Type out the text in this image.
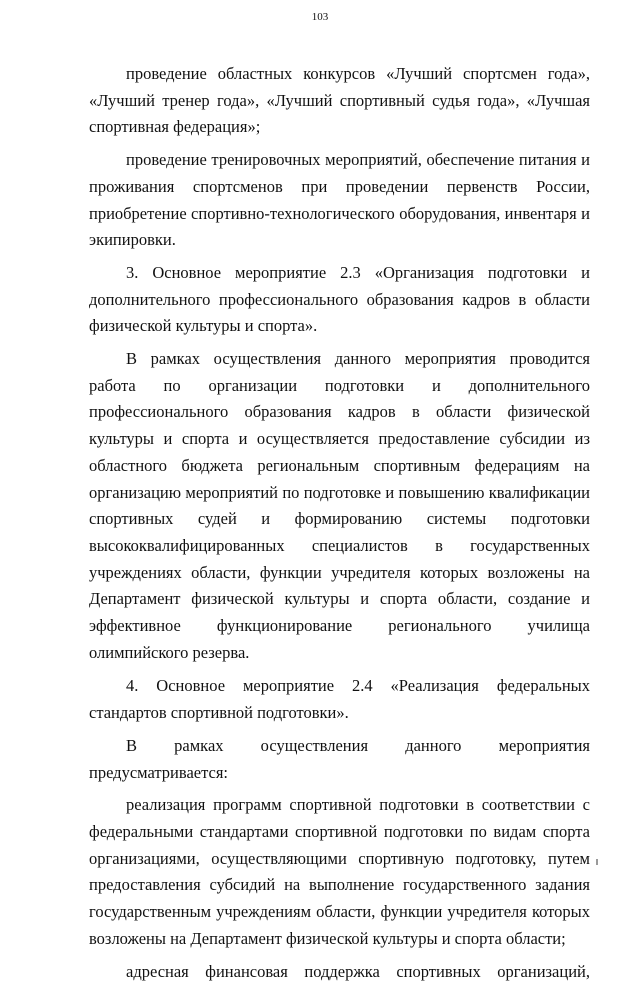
103

проведение областных конкурсов «Лучший спортсмен года», «Лучший тренер года», «Лучший спортивный судья года», «Лучшая спортивная федерация»;

проведение тренировочных мероприятий, обеспечение питания и проживания спортсменов при проведении первенств России, приобретение спортивно-технологического оборудования, инвентаря и экипировки.

3. Основное мероприятие 2.3 «Организация подготовки и дополнительного профессионального образования кадров в области физической культуры и спорта».

В рамках осуществления данного мероприятия проводится работа по организации подготовки и дополнительного профессионального образования кадров в области физической культуры и спорта и осуществляется предоставление субсидии из областного бюджета региональным спортивным федерациям на организацию мероприятий по подготовке и повышению квалификации спортивных судей и формированию системы подготовки высококвалифицированных специалистов в государственных учреждениях области, функции учредителя которых возложены на Департамент физической культуры и спорта области, создание и эффективное функционирование регионального училища олимпийского резерва.

4. Основное мероприятие 2.4 «Реализация федеральных стандартов спортивной подготовки».

В рамках осуществления данного мероприятия предусматривается:

реализация программ спортивной подготовки в соответствии с федеральными стандартами спортивной подготовки по видам спорта организациями, осуществляющими спортивную подготовку, путем предоставления субсидий на выполнение государственного задания государственным учреждениям области, функции учредителя которых возложены на Департамент физической культуры и спорта области;

адресная финансовая поддержка спортивных организаций,
